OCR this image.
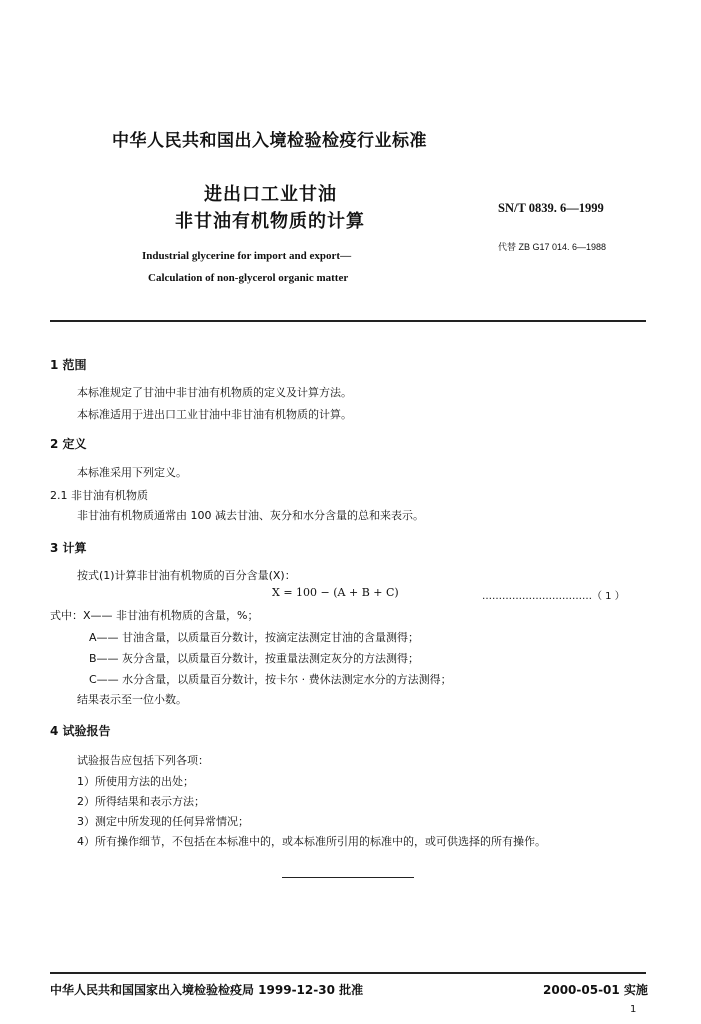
中华人民共和国出入境检验检疫行业标准
进出口工业甘油
非甘油有机物质的计算
Industrial glycerine for import and export—
Calculation of non-glycerol organic matter
SN/T 0839. 6—1999
代替 ZB G17 014. 6—1988
1 范围
本标准规定了甘油中非甘油有机物质的定义及计算方法。
本标准适用于进出口工业甘油中非甘油有机物质的计算。
2 定义
本标准采用下列定义。
2.1 非甘油有机物质
非甘油有机物质通常由 100 减去甘油、灰分和水分含量的总和来表示。
3 计算
按式(1)计算非甘油有机物质的百分含量(X)：
X = 100 − (A + B + C)	……………………………（ 1 ）
式中：X—— 非甘油有机物质的含量，%；
A—— 甘油含量，以质量百分数计，按滴定法测定甘油的含量测得；
B—— 灰分含量，以质量百分数计，按重量法测定灰分的方法测得；
C—— 水分含量，以质量百分数计，按卡尔 · 费休法测定水分的方法测得；
结果表示至一位小数。
4 试验报告
试验报告应包括下列各项：
1）所使用方法的出处；
2）所得结果和表示方法；
3）测定中所发现的任何异常情况；
4）所有操作细节，不包括在本标准中的，或本标准所引用的标准中的，或可供选择的所有操作。
中华人民共和国国家出入境检验检疫局 1999-12-30 批准	2000-05-01 实施
1
